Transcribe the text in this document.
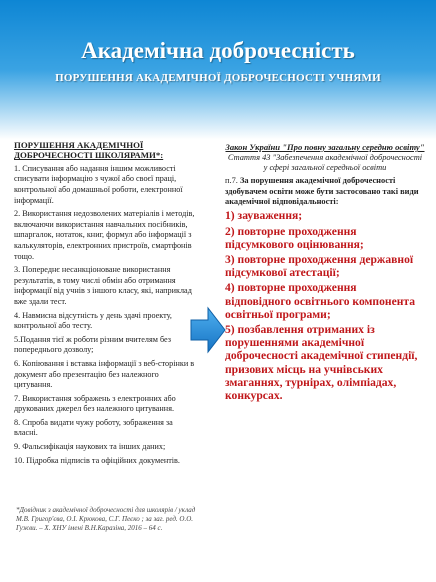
Академічна доброчесність
ПОРУШЕННЯ АКАДЕМІЧНОЇ ДОБРОЧЕСНОСТІ УЧНЯМИ
ПОРУШЕННЯ АКАДЕМІЧНОЇ ДОБРОЧЕСНОСТІ ШКОЛЯРАМИ*:
1. Списування або надання іншим можливості списувати інформацію з чужої або своєї праці, контрольної або домашньої роботи, електронної інформації.
2. Використання недозволених матеріалів і методів, включаючи використання навчальних посібників, шпаргалок, нотаток, книг, формул або інформації з калькуляторів, електронних пристроїв, смартфонів тощо.
3. Попереднє несанкціоноване використання результатів, в тому числі обмін або отримання інформації від учнів з іншого класу, які, наприклад вже здали тест.
4. Навмисна відсутність у день здачі проекту, контрольної або тесту.
5.Подання тієї ж роботи різним вчителям без попереднього дозволу;
6. Копіювання і вставка інформації з веб-сторінки в документ або презентацію без належного цитування.
7. Використання зображень з електронних або друкованих джерел без належного цитування.
8. Спроба видати чужу роботу, зображення за власні.
9. Фальсифікація наукових та інших даних;
10. Підробка підписів та офіційних документів.
*Довідник з академічної доброчесності для школярів / уклад М.В. Григор'єва, О.І. Крюкова, С.Г. Пеєко ; за заг. ред. О.О. Гужви. – Х. ХНУ імені В.Н.Каразіна, 2016 – 64 с.
Закон України "Про повну загальну середню освіту"
Стаття 43 "Забезпечення академічної доброчесності у сфері загальної середньої освіти
п.7. За порушення академічної доброчесності здобувачем освіти може бути застосовано такі види академічної відповідальності:
1) зауваження;
2) повторне проходження підсумкового оцінювання;
3) повторне проходження державної підсумкової атестації;
4) повторне проходження відповідного освітнього компонента освітньої програми;
5) позбавлення отриманих із порушеннями академічної доброчесності академічної стипендії, призових місць на учнівських змаганнях, турнірах, олімпіадах, конкурсах.
